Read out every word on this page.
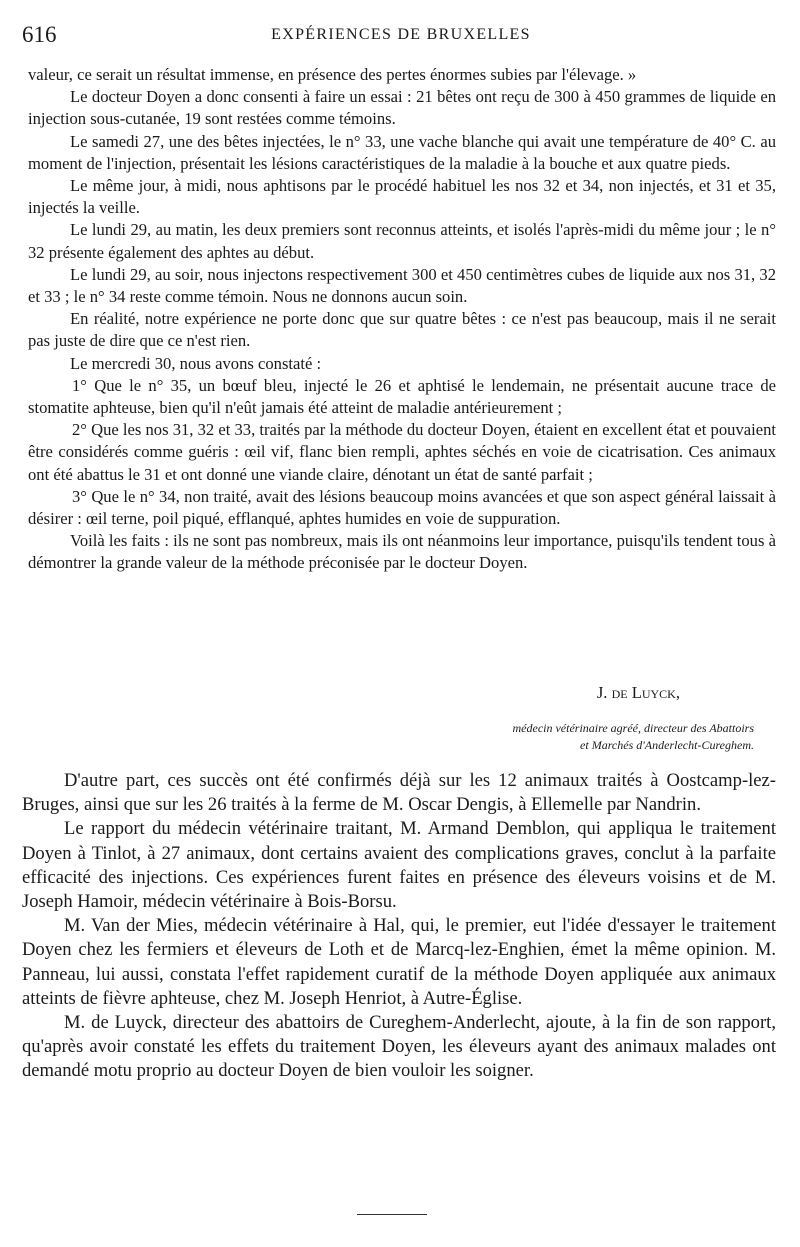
616	EXPÉRIENCES DE BRUXELLES

valeur, ce serait un résultat immense, en présence des pertes énormes subies par l'élevage. »

Le docteur Doyen a donc consenti à faire un essai : 21 bêtes ont reçu de 300 à 450 grammes de liquide en injection sous-cutanée, 19 sont restées comme témoins.

Le samedi 27, une des bêtes injectées, le n° 33, une vache blanche qui avait une température de 40° C. au moment de l'injection, présentait les lésions caractéristiques de la maladie à la bouche et aux quatre pieds.

Le même jour, à midi, nous aphtisons par le procédé habituel les nos 32 et 34, non injectés, et 31 et 35, injectés la veille.

Le lundi 29, au matin, les deux premiers sont reconnus atteints, et isolés l'après-midi du même jour ; le n° 32 présente également des aphtes au début.

Le lundi 29, au soir, nous injectons respectivement 300 et 450 centimètres cubes de liquide aux nos 31, 32 et 33 ; le n° 34 reste comme témoin. Nous ne donnons aucun soin.

En réalité, notre expérience ne porte donc que sur quatre bêtes : ce n'est pas beaucoup, mais il ne serait pas juste de dire que ce n'est rien.

Le mercredi 30, nous avons constaté :

1° Que le n° 35, un bœuf bleu, injecté le 26 et aphtisé le lendemain, ne présentait aucune trace de stomatite aphteuse, bien qu'il n'eût jamais été atteint de maladie antérieurement ;

2° Que les nos 31, 32 et 33, traités par la méthode du docteur Doyen, étaient en excellent état et pouvaient être considérés comme guéris : œil vif, flanc bien rempli, aphtes séchés en voie de cicatrisation. Ces animaux ont été abattus le 31 et ont donné une viande claire, dénotant un état de santé parfait ;

3° Que le n° 34, non traité, avait des lésions beaucoup moins avancées et que son aspect général laissait à désirer : œil terne, poil piqué, efflanqué, aphtes humides en voie de suppuration.

Voilà les faits : ils ne sont pas nombreux, mais ils ont néanmoins leur importance, puisqu'ils tendent tous à démontrer la grande valeur de la méthode préconisée par le docteur Doyen.

J. de Luyck,
médecin vétérinaire agréé, directeur des Abattoirs
et Marchés d'Anderlecht-Cureghem.

D'autre part, ces succès ont été confirmés déjà sur les 12 animaux traités à Oostcamp-lez-Bruges, ainsi que sur les 26 traités à la ferme de M. Oscar Dengis, à Ellemelle par Nandrin.

Le rapport du médecin vétérinaire traitant, M. Armand Demblon, qui appliqua le traitement Doyen à Tinlot, à 27 animaux, dont certains avaient des complications graves, conclut à la parfaite efficacité des injections. Ces expériences furent faites en présence des éleveurs voisins et de M. Joseph Hamoir, médecin vétérinaire à Bois-Borsu.

M. Van der Mies, médecin vétérinaire à Hal, qui, le premier, eut l'idée d'essayer le traitement Doyen chez les fermiers et éleveurs de Loth et de Marcq-lez-Enghien, émet la même opinion. M. Panneau, lui aussi, constata l'effet rapidement curatif de la méthode Doyen appliquée aux animaux atteints de fièvre aphteuse, chez M. Joseph Henriot, à Autre-Église.

M. de Luyck, directeur des abattoirs de Cureghem-Anderlecht, ajoute, à la fin de son rapport, qu'après avoir constaté les effets du traitement Doyen, les éleveurs ayant des animaux malades ont demandé motu proprio au docteur Doyen de bien vouloir les soigner.
